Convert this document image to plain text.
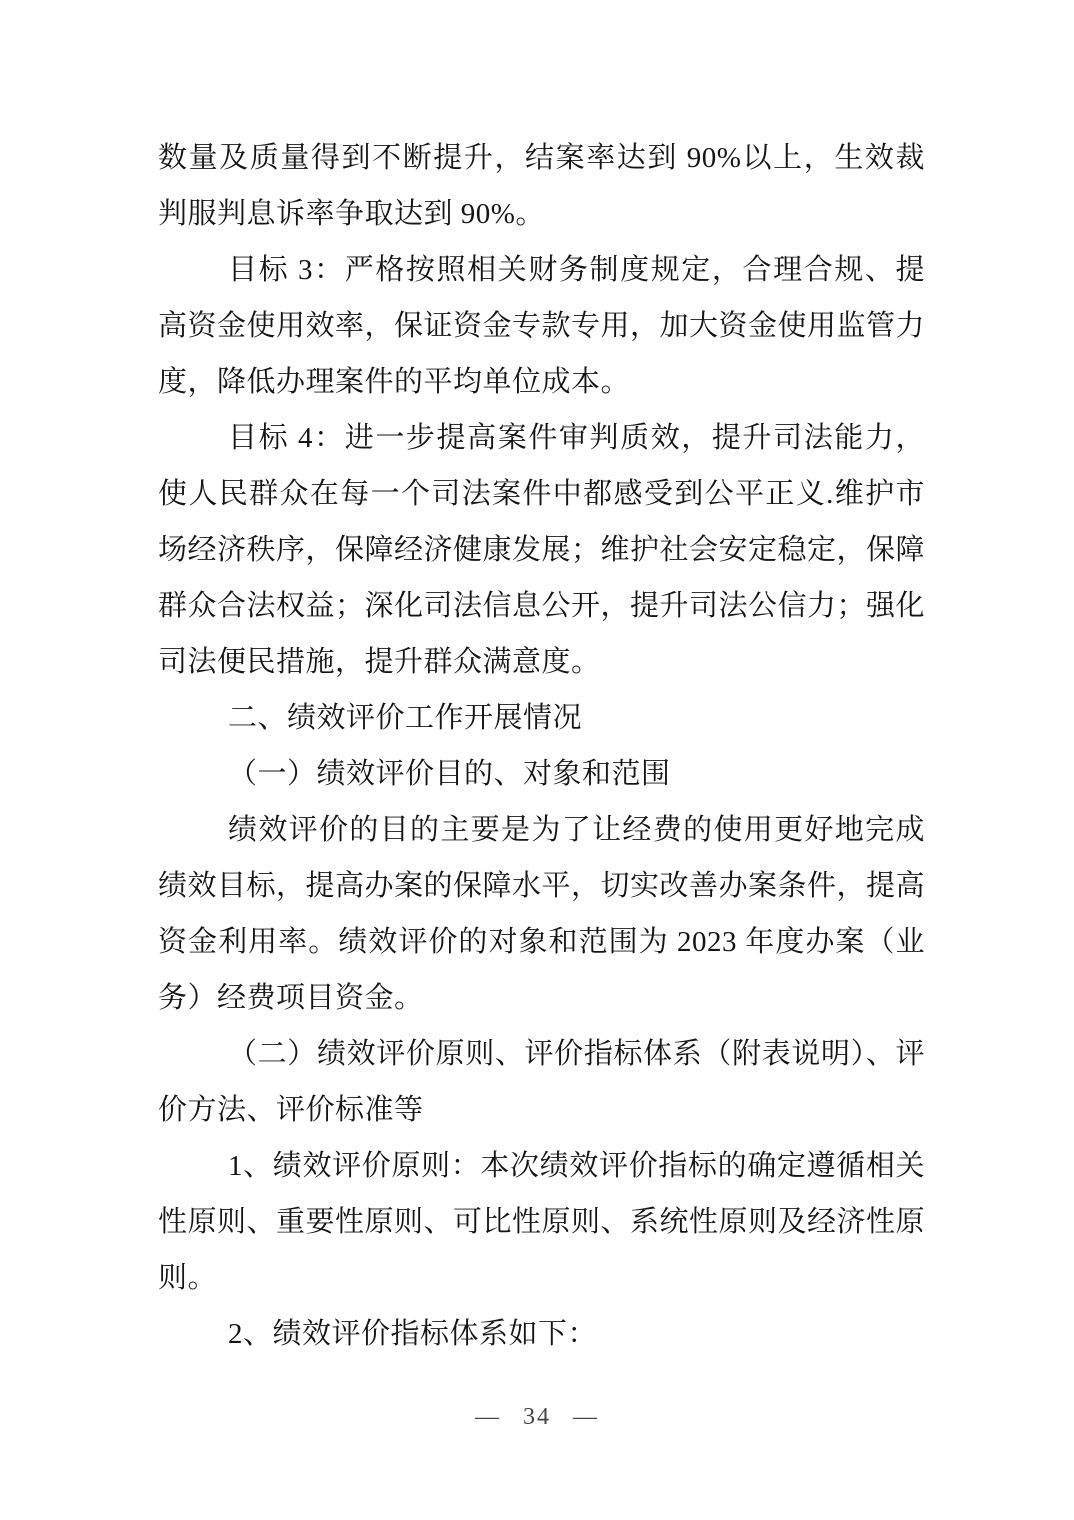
数量及质量得到不断提升，结案率达到 90%以上，生效裁判服判息诉率争取达到 90%。

目标 3：严格按照相关财务制度规定，合理合规、提高资金使用效率，保证资金专款专用，加大资金使用监管力度，降低办理案件的平均单位成本。

目标 4：进一步提高案件审判质效，提升司法能力，使人民群众在每一个司法案件中都感受到公平正义.维护市场经济秩序，保障经济健康发展；维护社会安定稳定，保障群众合法权益；深化司法信息公开，提升司法公信力；强化司法便民措施，提升群众满意度。

二、绩效评价工作开展情况

（一）绩效评价目的、对象和范围

绩效评价的目的主要是为了让经费的使用更好地完成绩效目标，提高办案的保障水平，切实改善办案条件，提高资金利用率。绩效评价的对象和范围为 2023 年度办案（业务）经费项目资金。

（二）绩效评价原则、评价指标体系（附表说明）、评价方法、评价标准等

1、绩效评价原则：本次绩效评价指标的确定遵循相关性原则、重要性原则、可比性原则、系统性原则及经济性原则。

2、绩效评价指标体系如下：

— 34 —
